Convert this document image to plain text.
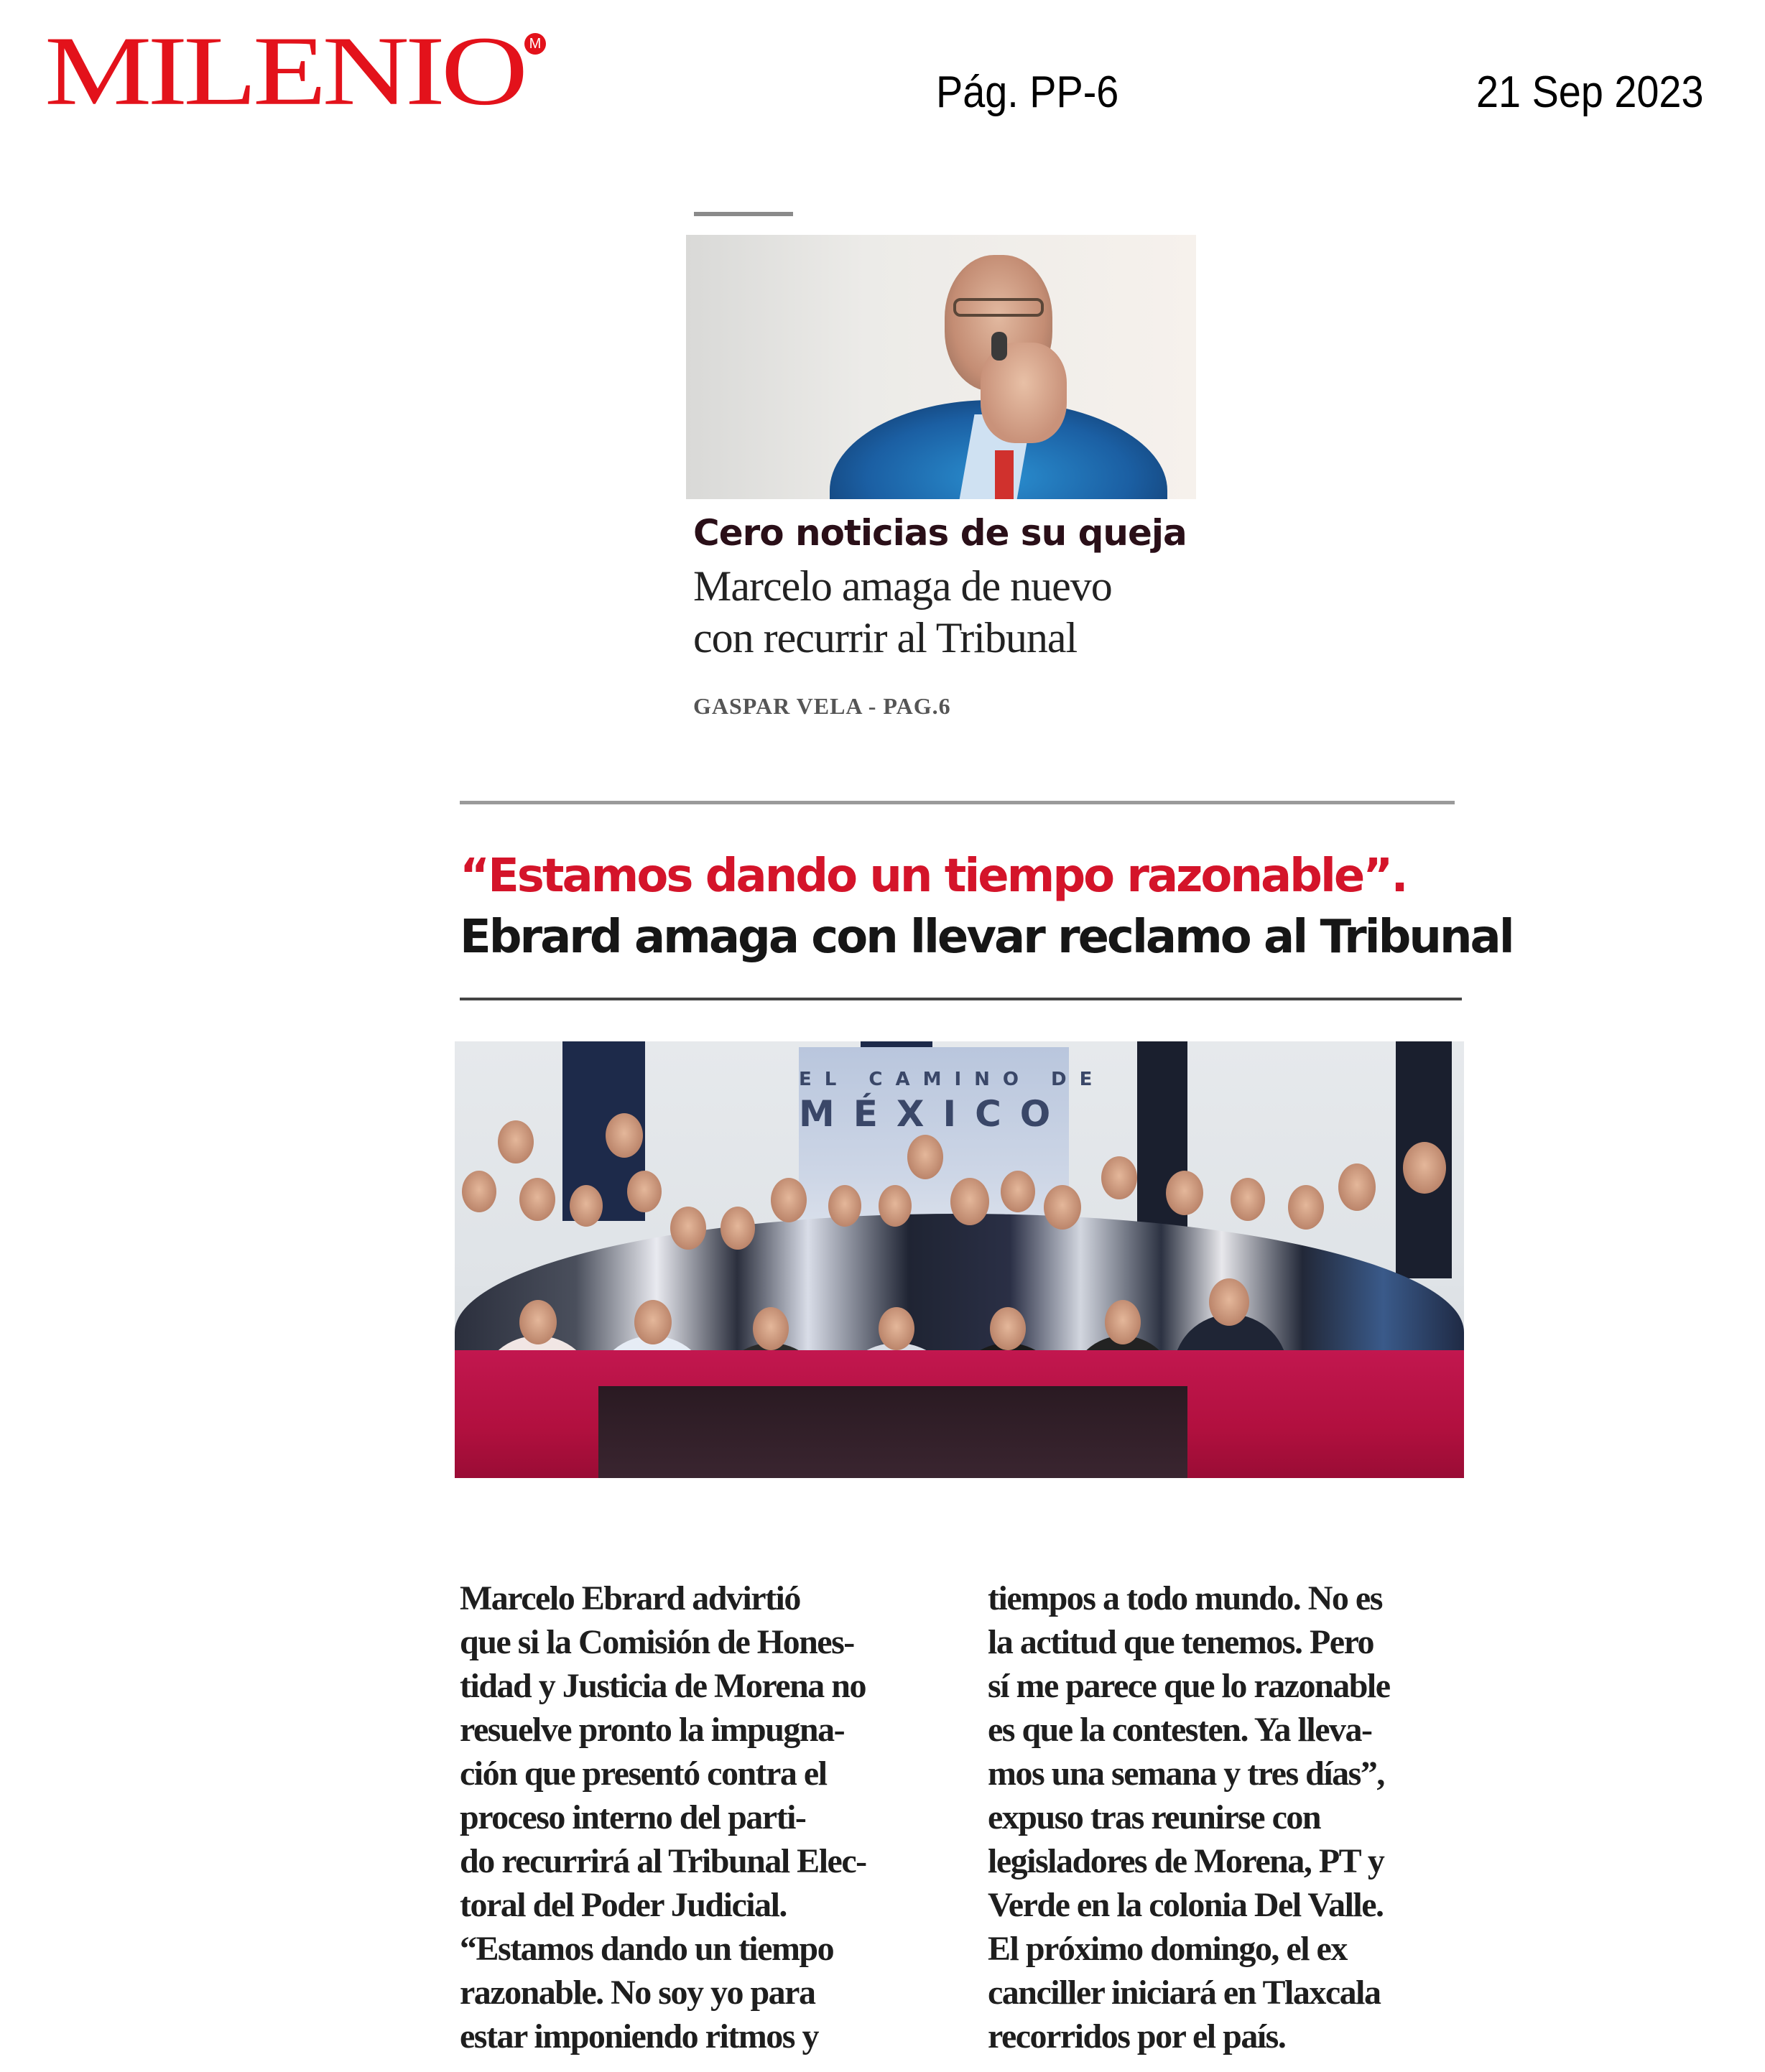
MILENIO M
Pág. PP-6	21 Sep 2023
Cero noticias de su queja
Marcelo amaga de nuevo
con recurrir al Tribunal
GASPAR VELA - PAG.6
“Estamos dando un tiempo razonable”.
Ebrard amaga con llevar reclamo al Tribunal
EL CAMINO DE
MÉXICO
Marcelo Ebrard advirtió
que si la Comisión de Hones-
tidad y Justicia de Morena no
resuelve pronto la impugna-
ción que presentó contra el
proceso interno del parti-
do recurrirá al Tribunal Elec-
toral del Poder Judicial.
“Estamos dando un tiempo
razonable. No soy yo para
estar imponiendo ritmos y
tiempos a todo mundo. No es
la actitud que tenemos. Pero
sí me parece que lo razonable
es que la contesten. Ya lleva-
mos una semana y tres días”,
expuso tras reunirse con
legisladores de Morena, PT y
Verde en la colonia Del Valle.
El próximo domingo, el ex
canciller iniciará en Tlaxcala
recorridos por el país.
